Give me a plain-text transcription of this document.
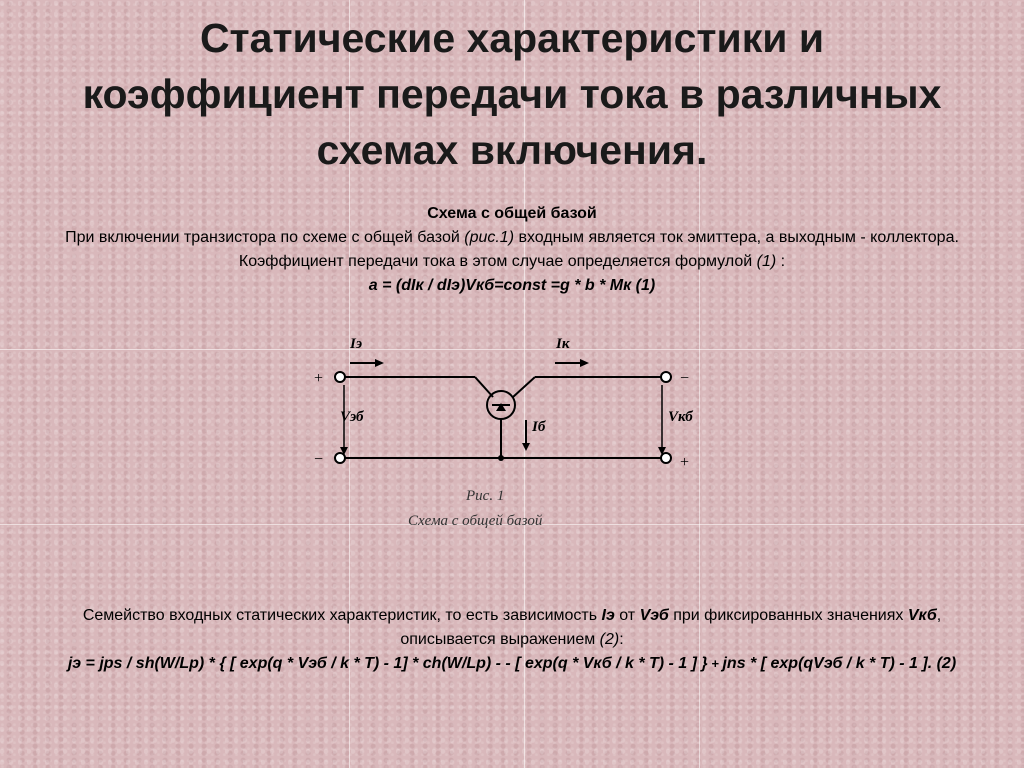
Статические характеристики и
коэффициент передачи тока в различных
схемах включения.
Схема с общей базой
При включении транзистора по схеме с общей базой (рис.1) входным является ток эмиттера, а выходным - коллектора. Коэффициент передачи тока в этом случае определяется формулой (1) :
a = (dIк / dIэ)Vкб=const =g * b * Mк (1)
Iэ	Iк
Vэб	Vкб
Iб
+
−
−
+
Рис. 1
Схема с общей базой
Семейство входных статических характеристик, то есть зависимость Iэ от Vэб при фиксированных значениях Vкб, описывается выражением (2):
jэ = jps / sh(W/Lp) * { [ exp(q * Vэб / k * T) - 1] * ch(W/Lp) - - [ exp(q * Vкб / k * T) - 1 ] } + jns * [ exp(qVэб / k * T) - 1 ]. (2)
